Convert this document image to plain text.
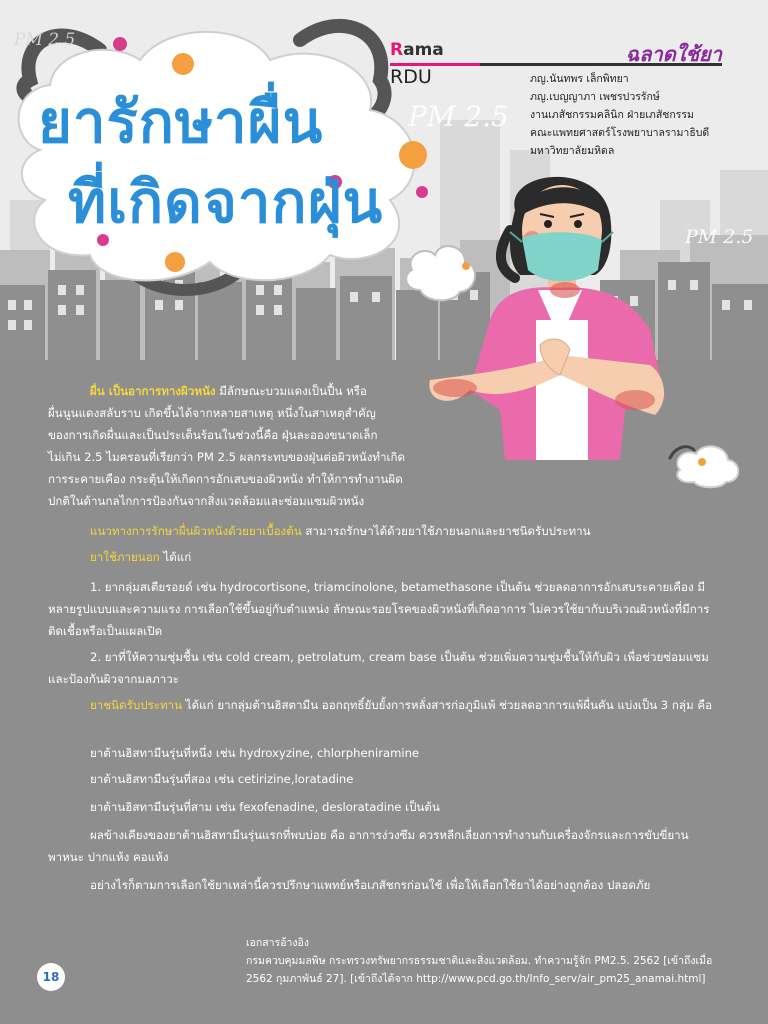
PM 2.5
PM 2.5
PM 2.5
ยารักษาผื่น
ที่เกิดจากฝุ่น
Rama
RDU
ฉลาดใช้ยา
ภญ.นันทพร เล็กพิทยา
ภญ.เบญญาภา เพชรปวรรักษ์
งานเภสัชกรรมคลินิก ฝ่ายเภสัชกรรม
คณะแพทยศาสตร์โรงพยาบาลรามาธิบดี
มหาวิทยาลัยมหิดล
ผื่น เป็นอาการทางผิวหนัง มีลักษณะบวมแดงเป็นปื้น หรือ
ผื่นนูนแดงสลับราบ เกิดขึ้นได้จากหลายสาเหตุ หนึ่งในสาเหตุสำคัญ
ของการเกิดผื่นและเป็นประเด็นร้อนในช่วงนี้คือ ฝุ่นละอองขนาดเล็ก
ไม่เกิน 2.5 ไมครอนที่เรียกว่า PM 2.5 ผลกระทบของฝุ่นต่อผิวหนังทำเกิด
การระคายเคือง กระตุ้นให้เกิดการอักเสบของผิวหนัง ทำให้การทำงานผิด
ปกติในด้านกลไกการป้องกันจากสิ่งแวดล้อมและซ่อมแซมผิวหนัง
แนวทางการรักษาผื่นผิวหนังด้วยยาเบื้องต้น สามารถรักษาได้ด้วยยาใช้ภายนอกและยาชนิดรับประทาน
ยาใช้ภายนอก ได้แก่
1. ยากลุ่มสเตียรอยด์ เช่น hydrocortisone, triamcinolone, betamethasone เป็นต้น ช่วยลดอาการอักเสบระคายเคือง มีหลายรูปแบบและความแรง การเลือกใช้ขึ้นอยู่กับตำแหน่ง ลักษณะรอยโรคของผิวหนังที่เกิดอาการ ไม่ควรใช้ยากับบริเวณผิวหนังที่มีการติดเชื้อหรือเป็นแผลเปิด
2. ยาที่ให้ความชุ่มชื้น เช่น cold cream, petrolatum, cream base เป็นต้น ช่วยเพิ่มความชุ่มชื้นให้กับผิว เพื่อช่วยซ่อมแซมและป้องกันผิวจากมลภาวะ
ยาชนิดรับประทาน ได้แก่ ยากลุ่มต้านฮิสตามีน ออกฤทธิ์ยับยั้งการหลั่งสารก่อภูมิแพ้ ช่วยลดอาการแพ้ผื่นคัน แบ่งเป็น 3 กลุ่ม คือ
ยาต้านฮิสทามีนรุ่นที่หนึ่ง เช่น hydroxyzine, chlorpheniramine
ยาต้านฮิสทามีนรุ่นที่สอง เช่น cetirizine,loratadine
ยาต้านฮิสทามีนรุ่นที่สาม เช่น fexofenadine, desloratadine เป็นต้น
ผลข้างเคียงของยาต้านฮิสทามีนรุ่นแรกที่พบบ่อย คือ อาการง่วงซึม ควรหลีกเลี่ยงการทำงานกับเครื่องจักรและการขับขี่ยานพาหนะ ปากแห้ง คอแห้ง
อย่างไรก็ตามการเลือกใช้ยาเหล่านี้ควรปรึกษาแพทย์หรือเภสัชกรก่อนใช้ เพื่อให้เลือกใช้ยาได้อย่างถูกต้อง ปลอดภัย
เอกสารอ้างอิง
กรมควบคุมมลพิษ กระทรวงทรัพยากรธรรมชาติและสิ่งแวดล้อม. ทำความรู้จัก PM2.5. 2562 [เข้าถึงเมื่อ
2562 กุมภาพันธ์ 27]. [เข้าถึงได้จาก http://www.pcd.go.th/Info_serv/air_pm25_anamai.html]
18
